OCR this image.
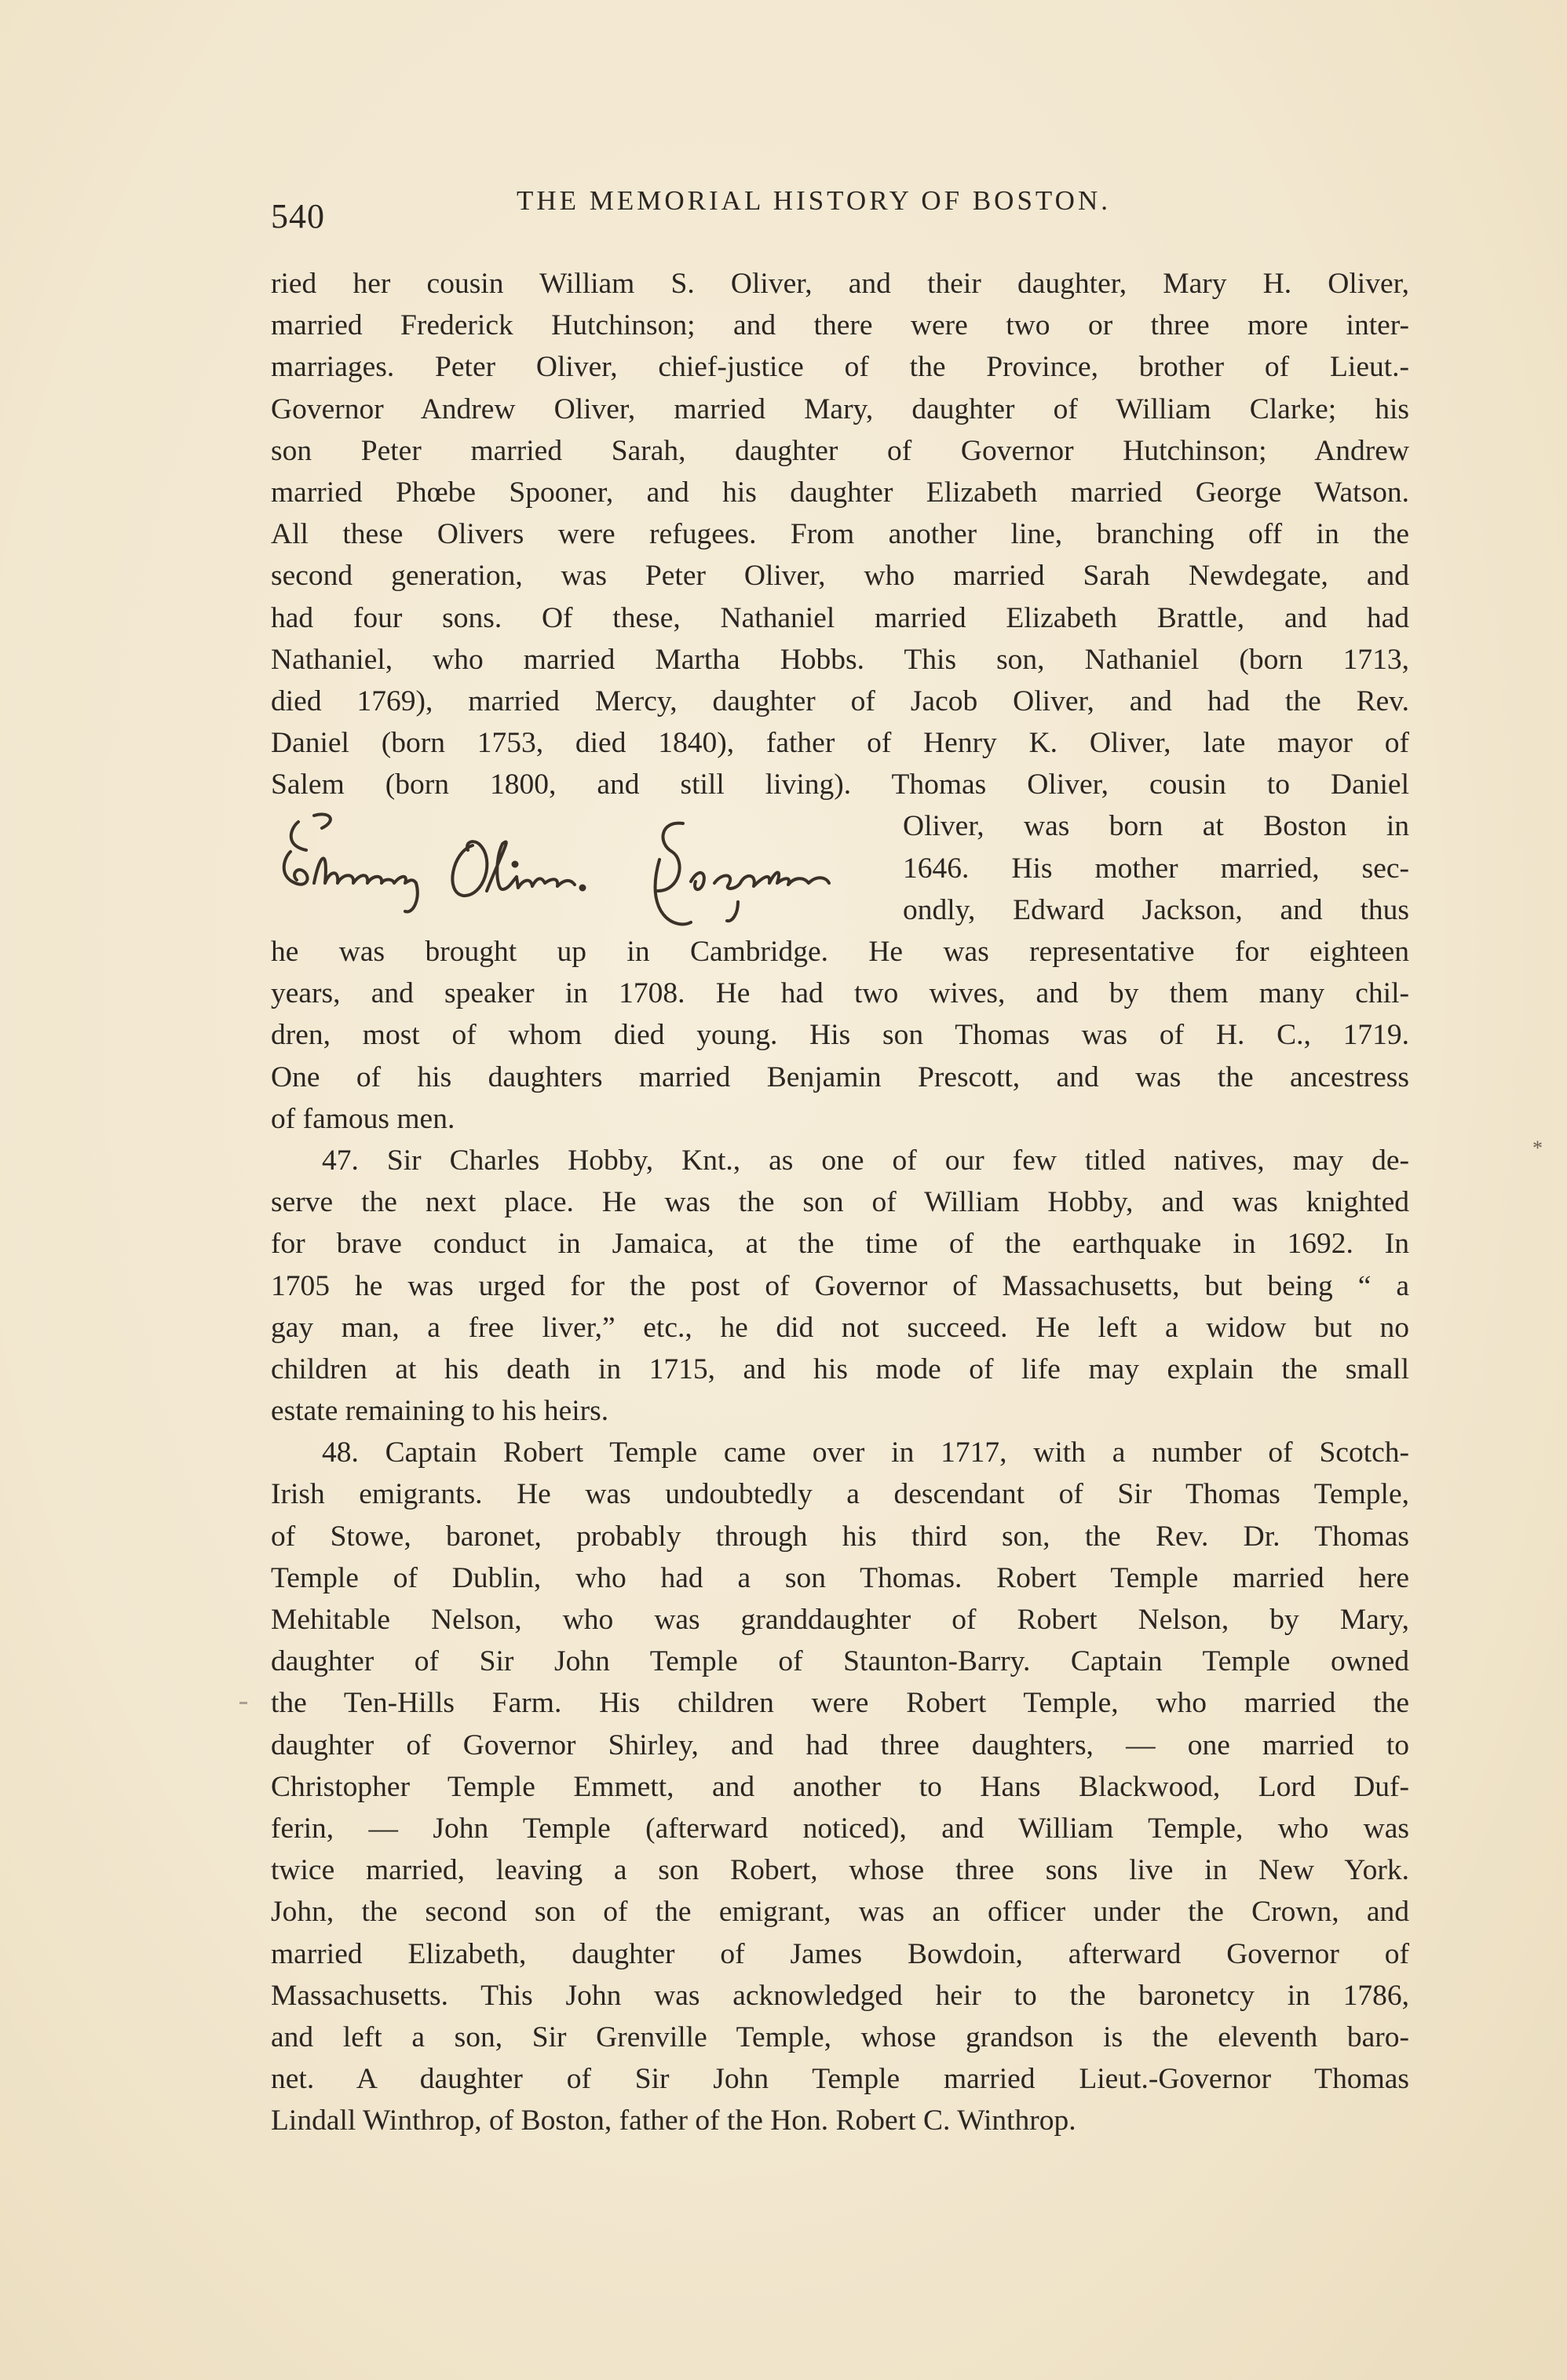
540	THE MEMORIAL HISTORY OF BOSTON.
ried her cousin William S. Oliver, and their daughter, Mary H. Oliver,
married Frederick Hutchinson; and there were two or three more inter-
marriages. Peter Oliver, chief-justice of the Province, brother of Lieut.-
Governor Andrew Oliver, married Mary, daughter of William Clarke; his
son Peter married Sarah, daughter of Governor Hutchinson; Andrew
married Phœbe Spooner, and his daughter Elizabeth married George Watson.
All these Olivers were refugees. From another line, branching off in the
second generation, was Peter Oliver, who married Sarah Newdegate, and
had four sons. Of these, Nathaniel married Elizabeth Brattle, and had
Nathaniel, who married Martha Hobbs. This son, Nathaniel (born 1713,
died 1769), married Mercy, daughter of Jacob Oliver, and had the Rev.
Daniel (born 1753, died 1840), father of Henry K. Oliver, late mayor of
Salem (born 1800, and still living). Thomas Oliver, cousin to Daniel
Oliver, was born at Boston in
1646. His mother married, sec-
ondly, Edward Jackson, and thus
he was brought up in Cambridge. He was representative for eighteen
years, and speaker in 1708. He had two wives, and by them many chil-
dren, most of whom died young. His son Thomas was of H. C., 1719.
One of his daughters married Benjamin Prescott, and was the ancestress
of famous men.
47. Sir Charles Hobby, Knt., as one of our few titled natives, may de-
serve the next place. He was the son of William Hobby, and was knighted
for brave conduct in Jamaica, at the time of the earthquake in 1692. In
1705 he was urged for the post of Governor of Massachusetts, but being “ a
gay man, a free liver,” etc., he did not succeed. He left a widow but no
children at his death in 1715, and his mode of life may explain the small
estate remaining to his heirs.
48. Captain Robert Temple came over in 1717, with a number of Scotch-
Irish emigrants. He was undoubtedly a descendant of Sir Thomas Temple,
of Stowe, baronet, probably through his third son, the Rev. Dr. Thomas
Temple of Dublin, who had a son Thomas. Robert Temple married here
Mehitable Nelson, who was granddaughter of Robert Nelson, by Mary,
daughter of Sir John Temple of Staunton-Barry. Captain Temple owned
the Ten-Hills Farm. His children were Robert Temple, who married the
daughter of Governor Shirley, and had three daughters, — one married to
Christopher Temple Emmett, and another to Hans Blackwood, Lord Duf-
ferin, — John Temple (afterward noticed), and William Temple, who was
twice married, leaving a son Robert, whose three sons live in New York.
John, the second son of the emigrant, was an officer under the Crown, and
married Elizabeth, daughter of James Bowdoin, afterward Governor of
Massachusetts. This John was acknowledged heir to the baronetcy in 1786,
and left a son, Sir Grenville Temple, whose grandson is the eleventh baro-
net. A daughter of Sir John Temple married Lieut.-Governor Thomas
Lindall Winthrop, of Boston, father of the Hon. Robert C. Winthrop.
*
